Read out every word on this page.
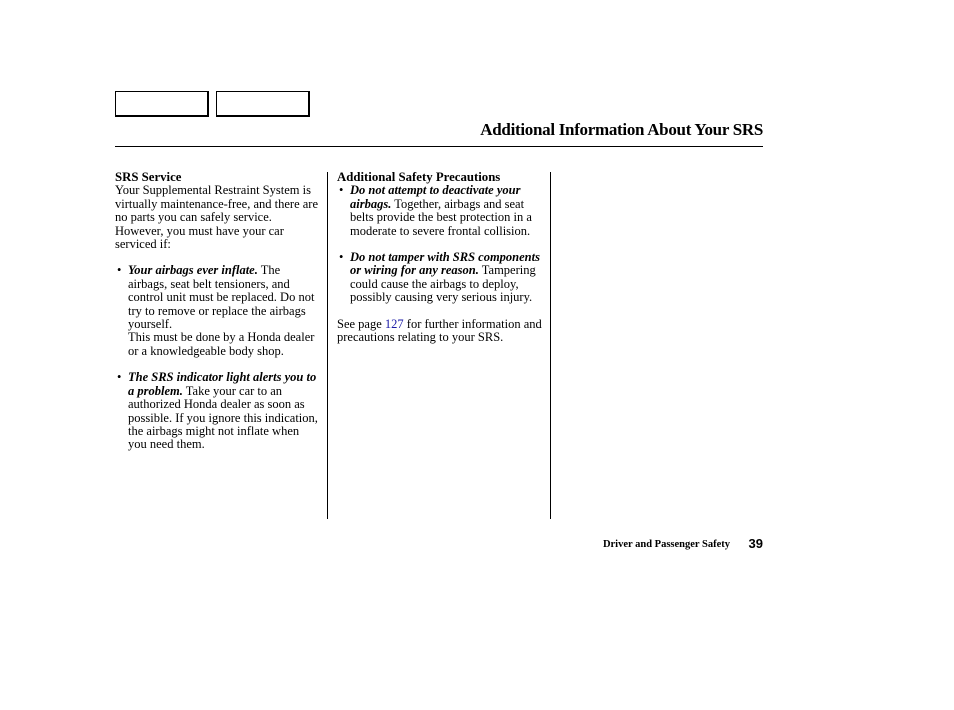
Additional Information About Your SRS

SRS Service

Your Supplemental Restraint System is virtually maintenance-free, and there are no parts you can safely service. However, you must have your car serviced if:

• Your airbags ever inflate. The airbags, seat belt tensioners, and control unit must be replaced. Do not try to remove or replace the airbags yourself.

This must be done by a Honda dealer or a knowledgeable body shop.

• The SRS indicator light alerts you to a problem. Take your car to an authorized Honda dealer as soon as possible. If you ignore this indication, the airbags might not inflate when you need them.

Additional Safety Precautions

• Do not attempt to deactivate your airbags. Together, airbags and seat belts provide the best protection in a moderate to severe frontal collision.

• Do not tamper with SRS components or wiring for any reason. Tampering could cause the airbags to deploy, possibly causing very serious injury.

See page 127 for further information and precautions relating to your SRS.

Driver and Passenger Safety 39
